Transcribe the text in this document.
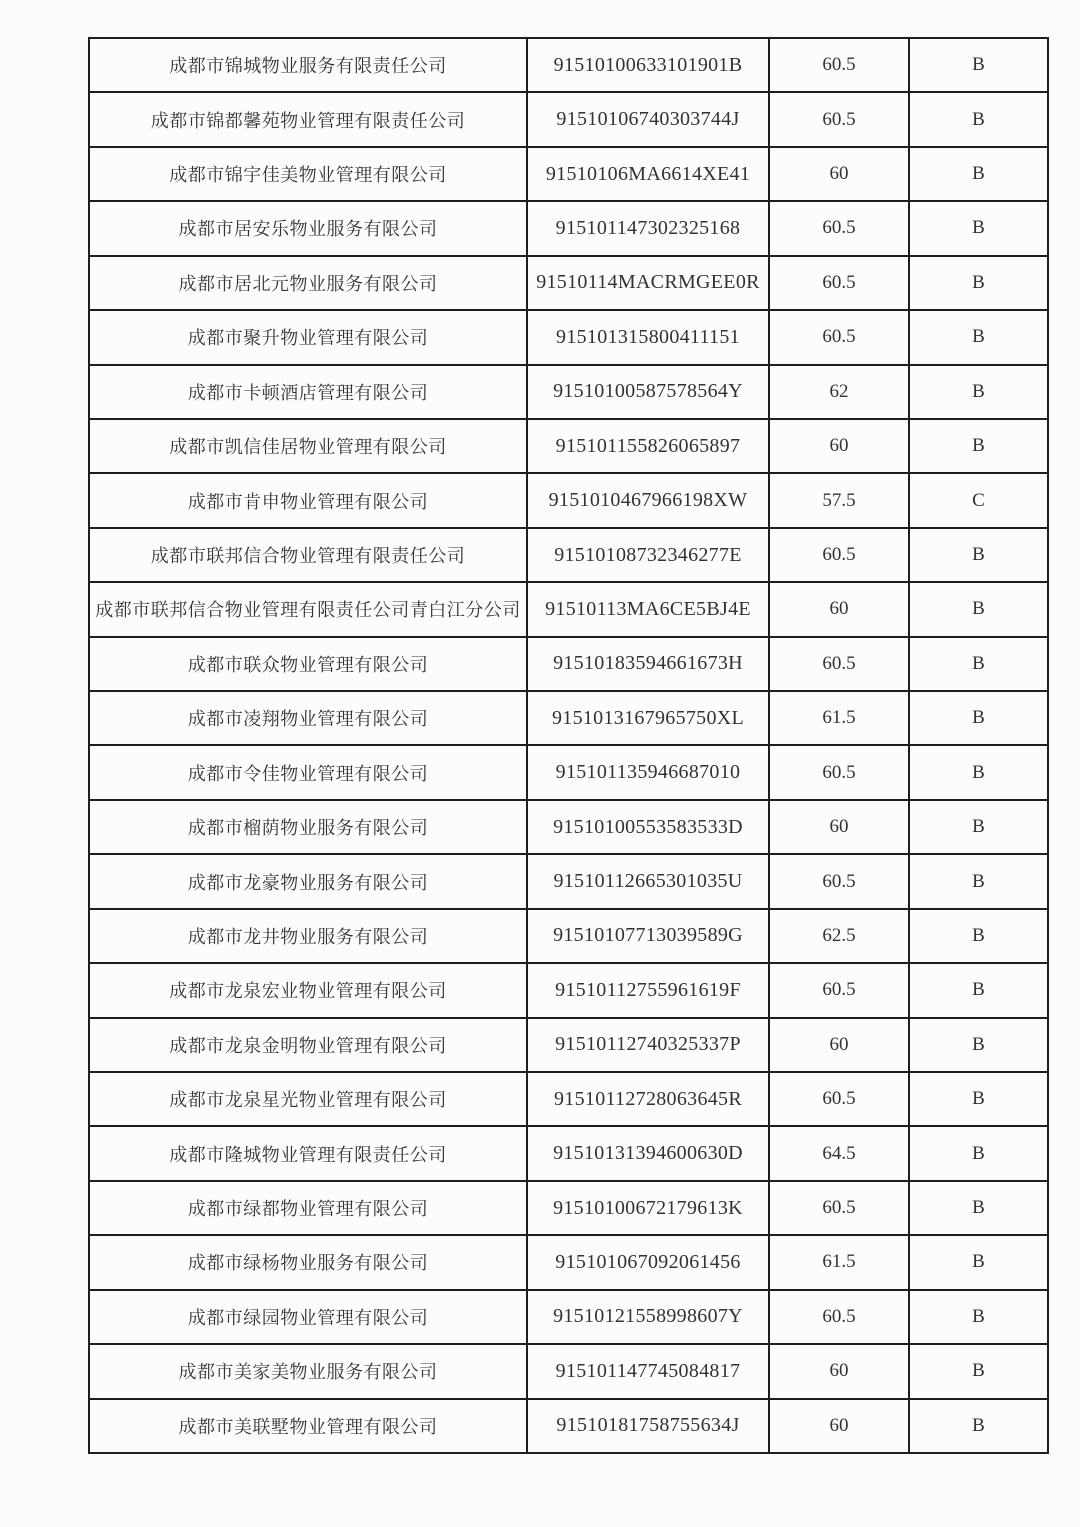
成都市锦城物业服务有限责任公司	91510100633101901B	60.5	B
成都市锦都馨苑物业管理有限责任公司	91510106740303744J	60.5	B
成都市锦宇佳美物业管理有限公司	91510106MA6614XE41	60	B
成都市居安乐物业服务有限公司	915101147302325168	60.5	B
成都市居北元物业服务有限公司	91510114MACRMGEE0R	60.5	B
成都市聚升物业管理有限公司	915101315800411151	60.5	B
成都市卡顿酒店管理有限公司	91510100587578564Y	62	B
成都市凯信佳居物业管理有限公司	915101155826065897	60	B
成都市肯申物业管理有限公司	9151010467966198XW	57.5	C
成都市联邦信合物业管理有限责任公司	91510108732346277E	60.5	B
成都市联邦信合物业管理有限责任公司青白江分公司	91510113MA6CE5BJ4E	60	B
成都市联众物业管理有限公司	91510183594661673H	60.5	B
成都市凌翔物业管理有限公司	9151013167965750XL	61.5	B
成都市令佳物业管理有限公司	915101135946687010	60.5	B
成都市榴荫物业服务有限公司	91510100553583533D	60	B
成都市龙豪物业服务有限公司	91510112665301035U	60.5	B
成都市龙井物业服务有限公司	91510107713039589G	62.5	B
成都市龙泉宏业物业管理有限公司	91510112755961619F	60.5	B
成都市龙泉金明物业管理有限公司	91510112740325337P	60	B
成都市龙泉星光物业管理有限公司	91510112728063645R	60.5	B
成都市隆城物业管理有限责任公司	91510131394600630D	64.5	B
成都市绿都物业管理有限公司	91510100672179613K	60.5	B
成都市绿杨物业服务有限公司	915101067092061456	61.5	B
成都市绿园物业管理有限公司	91510121558998607Y	60.5	B
成都市美家美物业服务有限公司	915101147745084817	60	B
成都市美联墅物业管理有限公司	91510181758755634J	60	B
